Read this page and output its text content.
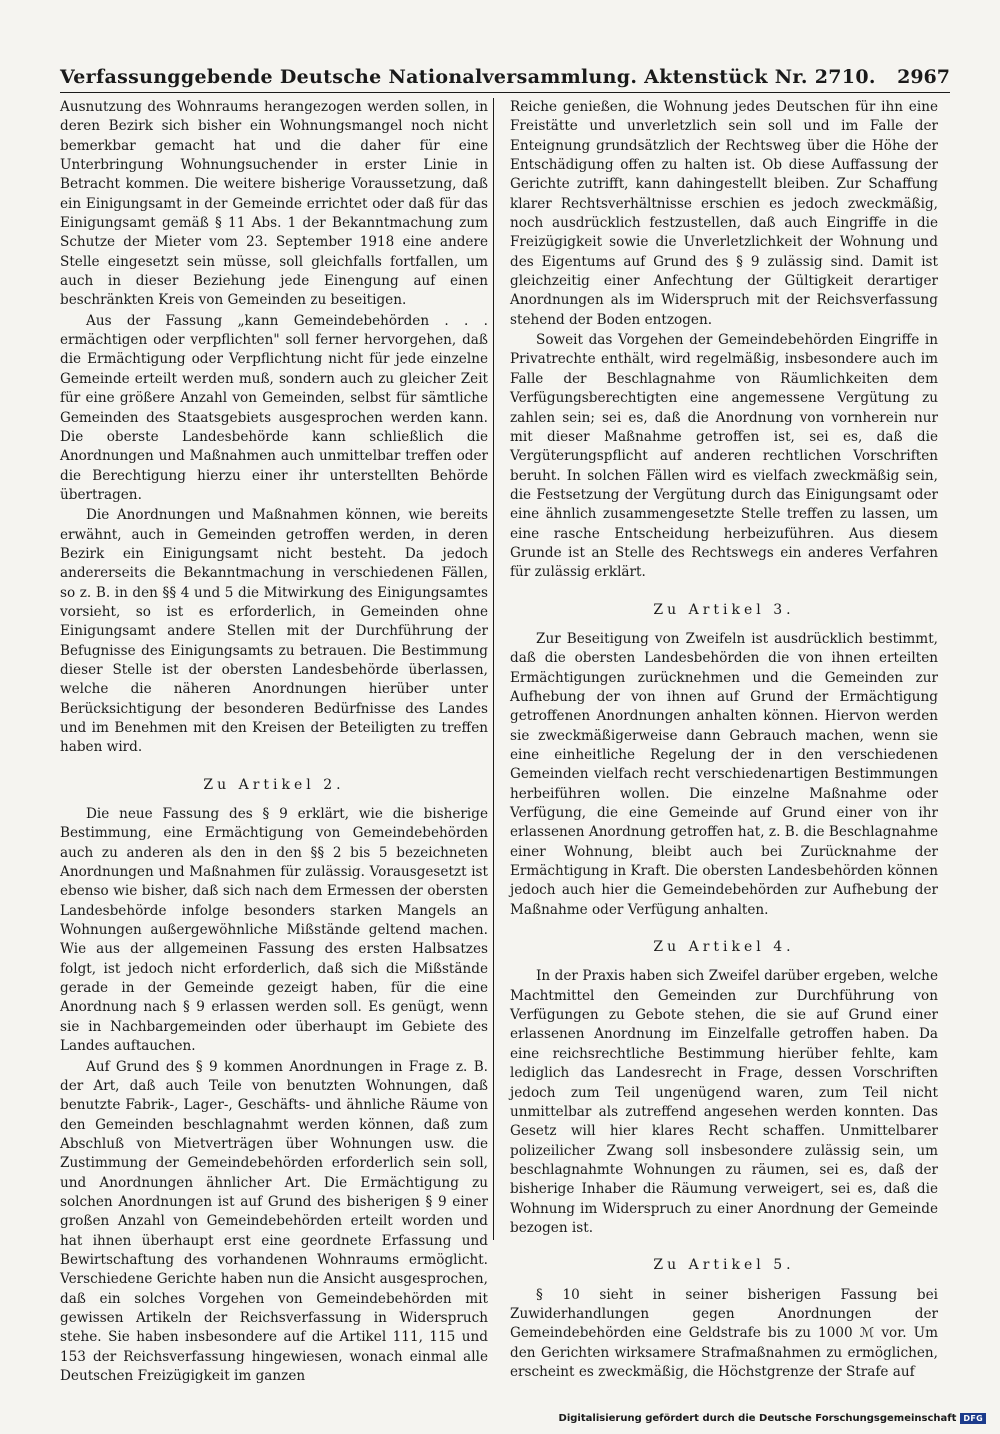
Verfassunggebende Deutsche Nationalversammlung. Aktenstück Nr. 2710. 2967

Ausnutzung des Wohnraums herangezogen werden sollen, in deren Bezirk sich bisher ein Wohnungsmangel noch nicht bemerkbar gemacht hat und die daher für eine Unterbringung Wohnungsuchender in erster Linie in Betracht kommen. Die weitere bisherige Voraussetzung, daß ein Einigungsamt in der Gemeinde errichtet oder daß für das Einigungsamt gemäß § 11 Abs. 1 der Bekanntmachung zum Schutze der Mieter vom 23. September 1918 eine andere Stelle eingesetzt sein müsse, soll gleichfalls fortfallen, um auch in dieser Beziehung jede Einengung auf einen beschränkten Kreis von Gemeinden zu beseitigen.

Aus der Fassung „kann Gemeindebehörden . . . ermächtigen oder verpflichten" soll ferner hervorgehen, daß die Ermächtigung oder Verpflichtung nicht für jede einzelne Gemeinde erteilt werden muß, sondern auch zu gleicher Zeit für eine größere Anzahl von Gemeinden, selbst für sämtliche Gemeinden des Staatsgebiets ausgesprochen werden kann. Die oberste Landesbehörde kann schließlich die Anordnungen und Maßnahmen auch unmittelbar treffen oder die Berechtigung hierzu einer ihr unterstellten Behörde übertragen.

Die Anordnungen und Maßnahmen können, wie bereits erwähnt, auch in Gemeinden getroffen werden, in deren Bezirk ein Einigungsamt nicht besteht. Da jedoch andererseits die Bekanntmachung in verschiedenen Fällen, so z. B. in den §§ 4 und 5 die Mitwirkung des Einigungsamtes vorsieht, so ist es erforderlich, in Gemeinden ohne Einigungsamt andere Stellen mit der Durchführung der Befugnisse des Einigungsamts zu betrauen. Die Bestimmung dieser Stelle ist der obersten Landesbehörde überlassen, welche die näheren Anordnungen hierüber unter Berücksichtigung der besonderen Bedürfnisse des Landes und im Benehmen mit den Kreisen der Beteiligten zu treffen haben wird.

Zu Artikel 2.

Die neue Fassung des § 9 erklärt, wie die bisherige Bestimmung, eine Ermächtigung von Gemeindebehörden auch zu anderen als den in den §§ 2 bis 5 bezeichneten Anordnungen und Maßnahmen für zulässig. Vorausgesetzt ist ebenso wie bisher, daß sich nach dem Ermessen der obersten Landesbehörde infolge besonders starken Mangels an Wohnungen außergewöhnliche Mißstände geltend machen. Wie aus der allgemeinen Fassung des ersten Halbsatzes folgt, ist jedoch nicht erforderlich, daß sich die Mißstände gerade in der Gemeinde gezeigt haben, für die eine Anordnung nach § 9 erlassen werden soll. Es genügt, wenn sie in Nachbargemeinden oder überhaupt im Gebiete des Landes auftauchen.

Auf Grund des § 9 kommen Anordnungen in Frage z. B. der Art, daß auch Teile von benutzten Wohnungen, daß benutzte Fabrik-, Lager-, Geschäfts- und ähnliche Räume von den Gemeinden beschlagnahmt werden können, daß zum Abschluß von Mietverträgen über Wohnungen usw. die Zustimmung der Gemeindebehörden erforderlich sein soll, und Anordnungen ähnlicher Art. Die Ermächtigung zu solchen Anordnungen ist auf Grund des bisherigen § 9 einer großen Anzahl von Gemeindebehörden erteilt worden und hat ihnen überhaupt erst eine geordnete Erfassung und Bewirtschaftung des vorhandenen Wohnraums ermöglicht. Verschiedene Gerichte haben nun die Ansicht ausgesprochen, daß ein solches Vorgehen von Gemeindebehörden mit gewissen Artikeln der Reichsverfassung in Widerspruch stehe. Sie haben insbesondere auf die Artikel 111, 115 und 153 der Reichsverfassung hingewiesen, wonach einmal alle Deutschen Freizügigkeit im ganzen

Reiche genießen, die Wohnung jedes Deutschen für ihn eine Freistätte und unverletzlich sein soll und im Falle der Enteignung grundsätzlich der Rechtsweg über die Höhe der Entschädigung offen zu halten ist. Ob diese Auffassung der Gerichte zutrifft, kann dahingestellt bleiben. Zur Schaffung klarer Rechtsverhältnisse erschien es jedoch zweckmäßig, noch ausdrücklich festzustellen, daß auch Eingriffe in die Freizügigkeit sowie die Unverletzlichkeit der Wohnung und des Eigentums auf Grund des § 9 zulässig sind. Damit ist gleichzeitig einer Anfechtung der Gültigkeit derartiger Anordnungen als im Widerspruch mit der Reichsverfassung stehend der Boden entzogen.

Soweit das Vorgehen der Gemeindebehörden Eingriffe in Privatrechte enthält, wird regelmäßig, insbesondere auch im Falle der Beschlagnahme von Räumlichkeiten dem Verfügungsberechtigten eine angemessene Vergütung zu zahlen sein; sei es, daß die Anordnung von vornherein nur mit dieser Maßnahme getroffen ist, sei es, daß die Vergüterungspflicht auf anderen rechtlichen Vorschriften beruht. In solchen Fällen wird es vielfach zweckmäßig sein, die Festsetzung der Vergütung durch das Einigungsamt oder eine ähnlich zusammengesetzte Stelle treffen zu lassen, um eine rasche Entscheidung herbeizuführen. Aus diesem Grunde ist an Stelle des Rechtswegs ein anderes Verfahren für zulässig erklärt.

Zu Artikel 3.

Zur Beseitigung von Zweifeln ist ausdrücklich bestimmt, daß die obersten Landesbehörden die von ihnen erteilten Ermächtigungen zurücknehmen und die Gemeinden zur Aufhebung der von ihnen auf Grund der Ermächtigung getroffenen Anordnungen anhalten können. Hiervon werden sie zweckmäßigerweise dann Gebrauch machen, wenn sie eine einheitliche Regelung der in den verschiedenen Gemeinden vielfach recht verschiedenartigen Bestimmungen herbeiführen wollen. Die einzelne Maßnahme oder Verfügung, die eine Gemeinde auf Grund einer von ihr erlassenen Anordnung getroffen hat, z. B. die Beschlagnahme einer Wohnung, bleibt auch bei Zurücknahme der Ermächtigung in Kraft. Die obersten Landesbehörden können jedoch auch hier die Gemeindebehörden zur Aufhebung der Maßnahme oder Verfügung anhalten.

Zu Artikel 4.

In der Praxis haben sich Zweifel darüber ergeben, welche Machtmittel den Gemeinden zur Durchführung von Verfügungen zu Gebote stehen, die sie auf Grund einer erlassenen Anordnung im Einzelfalle getroffen haben. Da eine reichsrechtliche Bestimmung hierüber fehlte, kam lediglich das Landesrecht in Frage, dessen Vorschriften jedoch zum Teil ungenügend waren, zum Teil nicht unmittelbar als zutreffend angesehen werden konnten. Das Gesetz will hier klares Recht schaffen. Unmittelbarer polizeilicher Zwang soll insbesondere zulässig sein, um beschlagnahmte Wohnungen zu räumen, sei es, daß der bisherige Inhaber die Räumung verweigert, sei es, daß die Wohnung im Widerspruch zu einer Anordnung der Gemeinde bezogen ist.

Zu Artikel 5.

§ 10 sieht in seiner bisherigen Fassung bei Zuwiderhandlungen gegen Anordnungen der Gemeindebehörden eine Geldstrafe bis zu 1000 ℳ vor. Um den Gerichten wirksamere Strafmaßnahmen zu ermöglichen, erscheint es zweckmäßig, die Höchstgrenze der Strafe auf

Digitalisierung gefördert durch die Deutsche Forschungsgemeinschaft DFG
